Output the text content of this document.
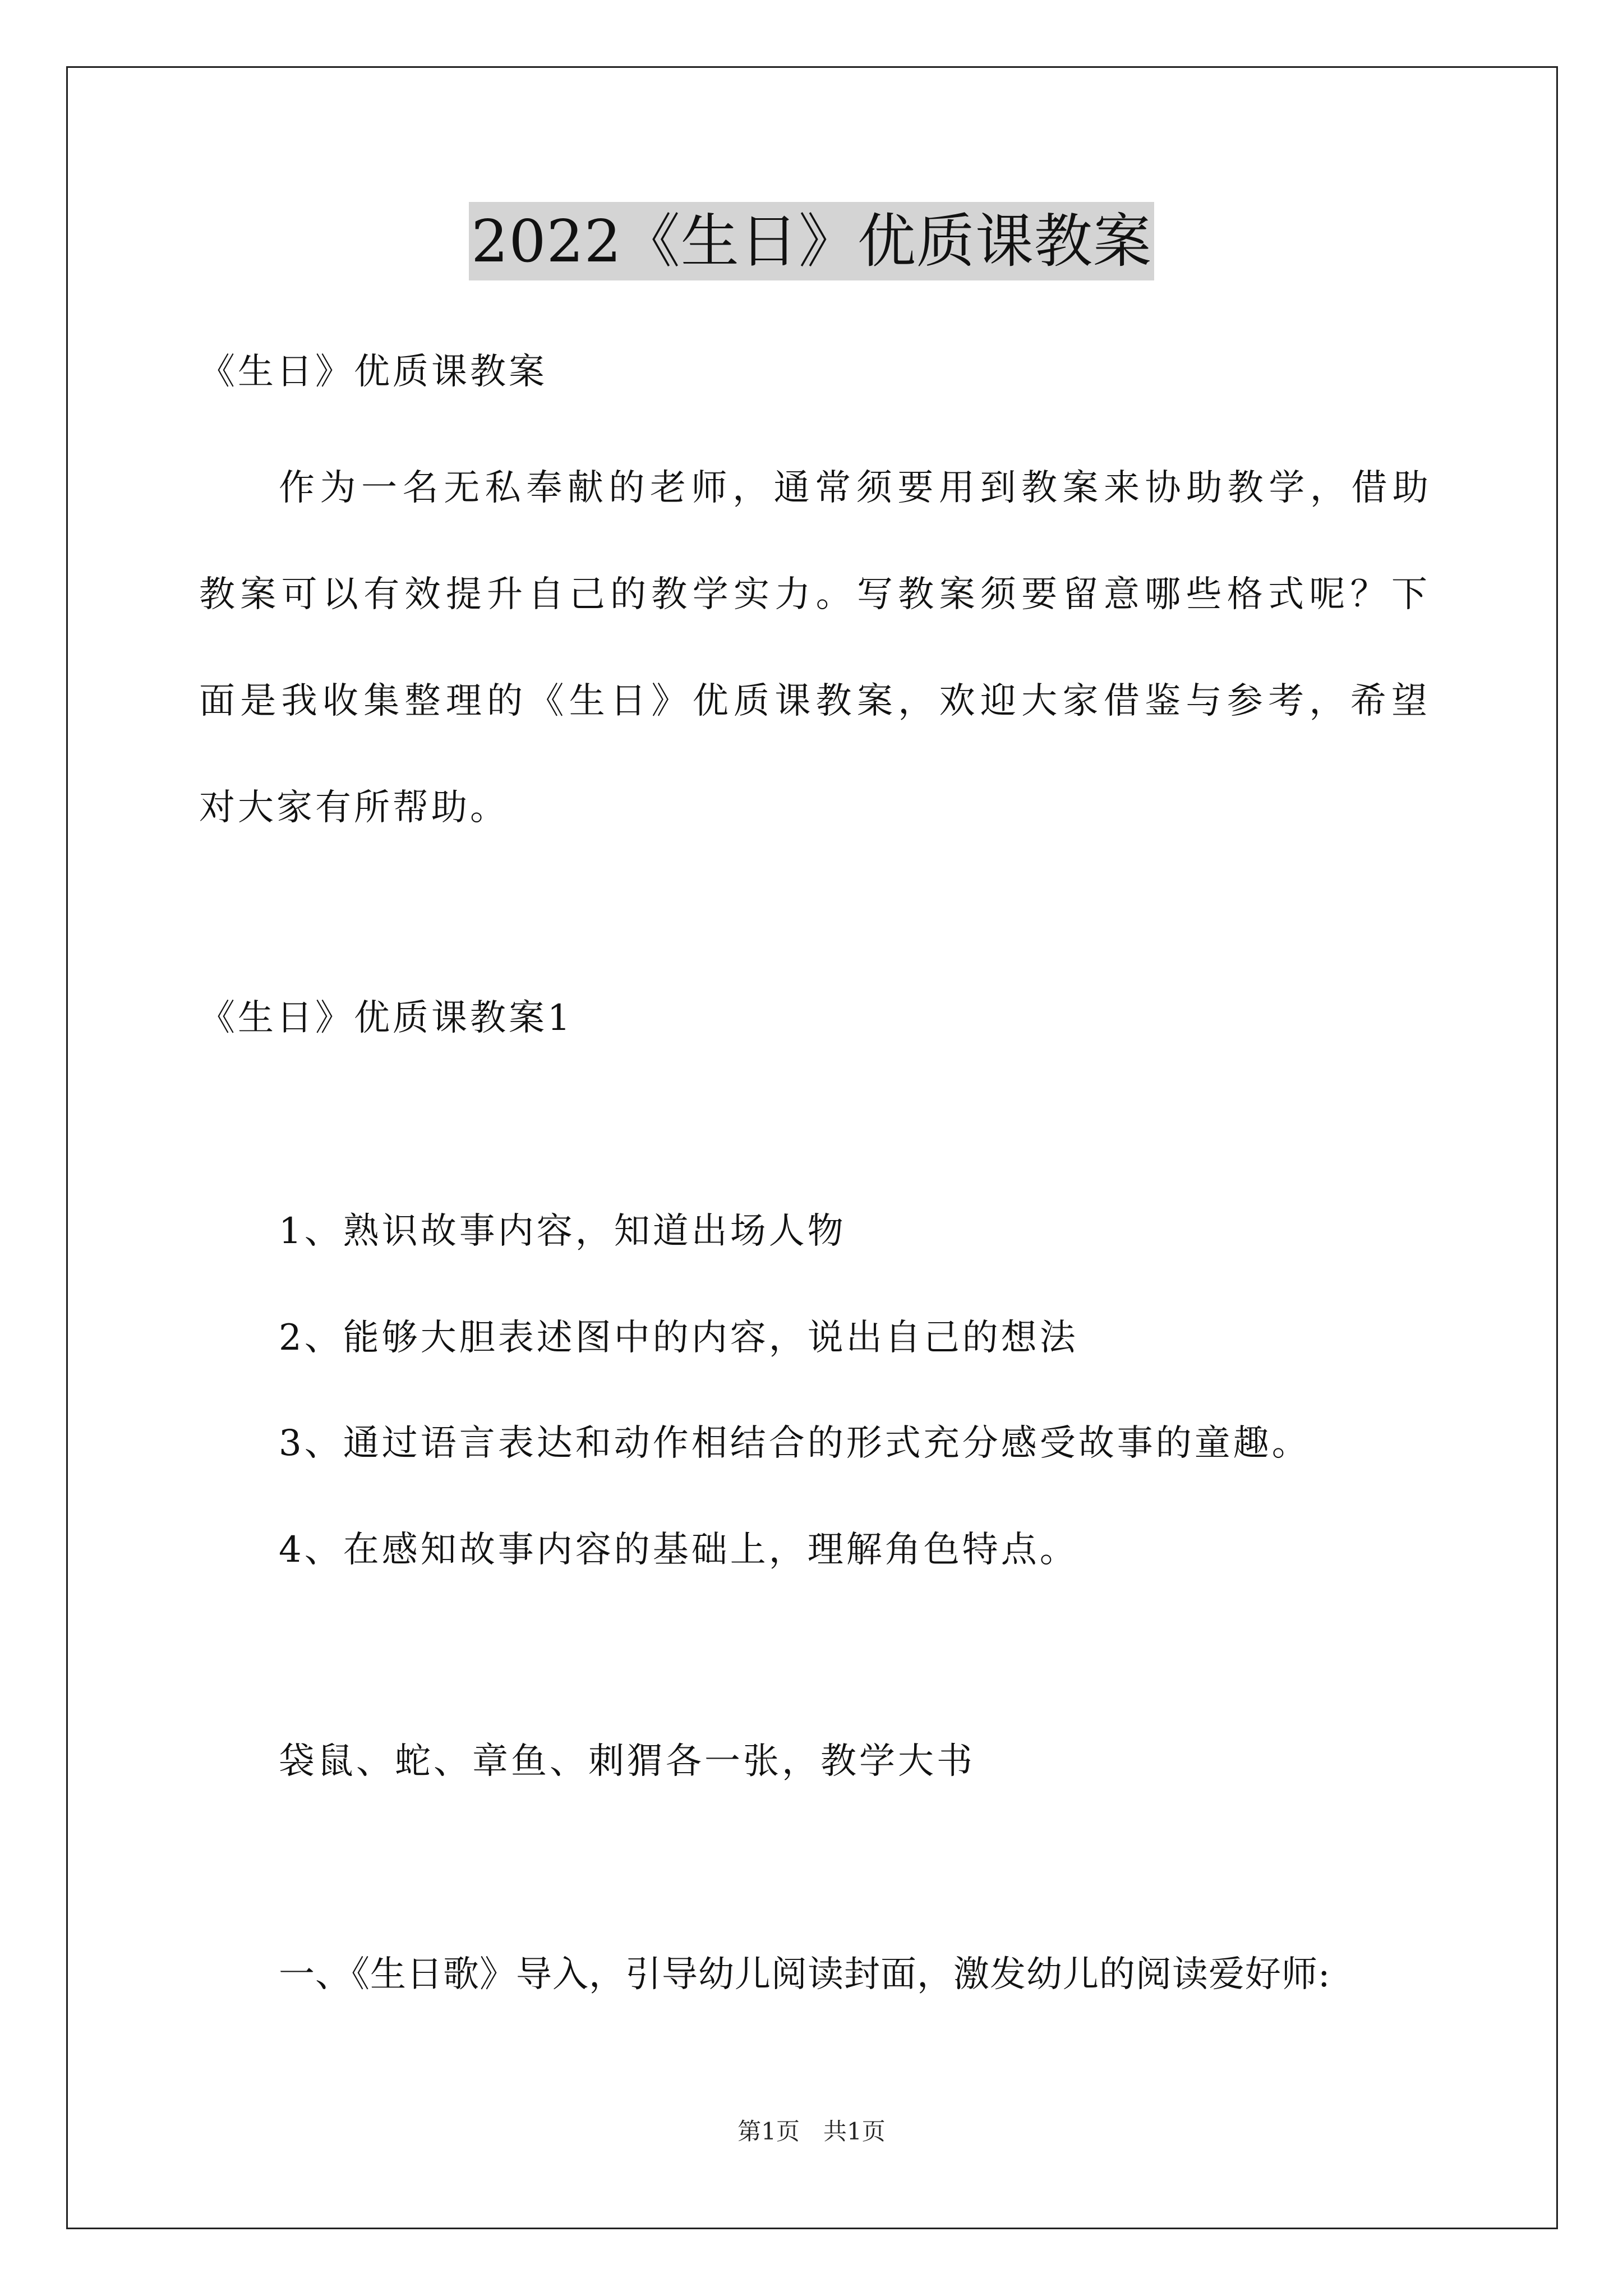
2022《生日》优质课教案
《生日》优质课教案
作为一名无私奉献的老师，通常须要用到教案来协助教学，借助
教案可以有效提升自己的教学实力。写教案须要留意哪些格式呢？下
面是我收集整理的《生日》优质课教案，欢迎大家借鉴与参考，希望
对大家有所帮助。
《生日》优质课教案1
1、熟识故事内容，知道出场人物
2、能够大胆表述图中的内容，说出自己的想法
3、通过语言表达和动作相结合的形式充分感受故事的童趣。
4、在感知故事内容的基础上，理解角色特点。
袋鼠、蛇、章鱼、刺猬各一张，教学大书
一、《生日歌》导入，引导幼儿阅读封面，激发幼儿的阅读爱好师:
第1页　共1页
